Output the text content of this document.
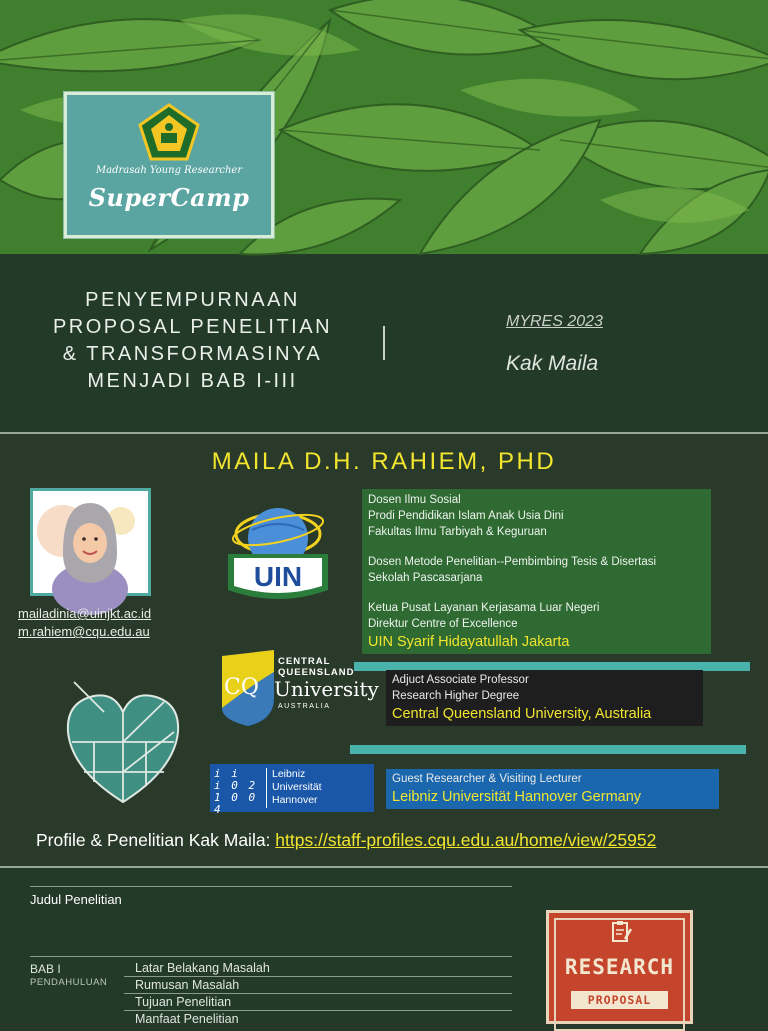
Madrasah Young Researcher
SuperCamp
PENYEMPURNAAN
PROPOSAL PENELITIAN
& TRANSFORMASINYA
MENJADI BAB I-III
MYRES 2023
Kak Maila
MAILA D.H. RAHIEM, PHD
mailadinia@uinjkt.ac.id
m.rahiem@cqu.edu.au
UIN
Dosen Ilmu Sosial
Prodi Pendidikan Islam Anak Usia Dini
Fakultas Ilmu Tarbiyah & Keguruan
Dosen Metode Penelitian--Pembimbing Tesis & Disertasi
Sekolah Pascasarjana
Ketua Pusat Layanan Kerjasama Luar Negeri
Direktur Centre of Excellence
UIN Syarif Hidayatullah Jakarta
CQ
CENTRAL
QUEENSLAND
University
AUSTRALIA
Adjuct Associate Professor
Research Higher Degree
Central Queensland University, Australia
i i
i 0 2
1 0 0 4
Leibniz
Universität
Hannover
Guest Researcher & Visiting Lecturer
Leibniz Universität Hannover Germany
Profile & Penelitian Kak Maila: https://staff-profiles.cqu.edu.au/home/view/25952
Judul Penelitian
BAB I
PENDAHULUAN
Latar Belakang Masalah
Rumusan Masalah
Tujuan Penelitian
Manfaat Penelitian
RESEARCH
PROPOSAL
